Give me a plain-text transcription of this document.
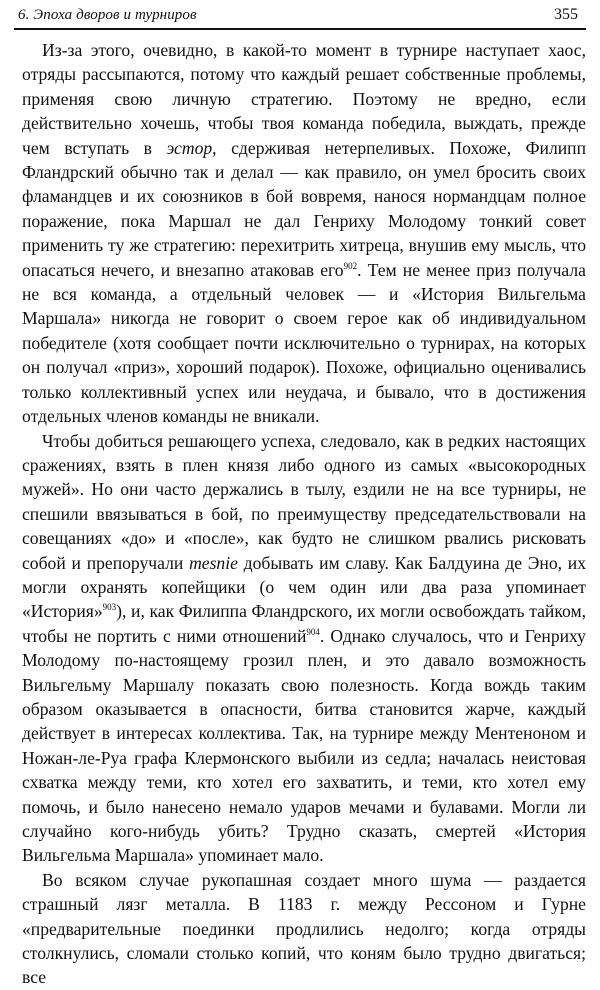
6. Эпоха дворов и турниров	355

Из-за этого, очевидно, в какой-то момент в турнире наступает хаос, отряды рассыпаются, потому что каждый решает собственные проблемы, применяя свою личную стратегию. Поэтому не вредно, если действительно хочешь, чтобы твоя команда победила, выждать, прежде чем вступать в эстор, сдерживая нетерпеливых. Похоже, Филипп Фландрский обычно так и делал — как правило, он умел бросить своих фламандцев и их союзников в бой вовремя, нанося нормандцам полное поражение, пока Маршал не дал Генриху Молодому тонкий совет применить ту же стратегию: перехитрить хитреца, внушив ему мысль, что опасаться нечего, и внезапно атаковав его$^{902}$. Тем не менее приз получала не вся команда, а отдельный человек — и «История Вильгельма Маршала» никогда не говорит о своем герое как об индивидуальном победителе (хотя сообщает почти исключительно о турнирах, на которых он получал «приз», хороший подарок). Похоже, официально оценивались только коллективный успех или неудача, и бывало, что в достижения отдельных членов команды не вникали.

Чтобы добиться решающего успеха, следовало, как в редких настоящих сражениях, взять в плен князя либо одного из самых «высокородных мужей». Но они часто держались в тылу, ездили не на все турниры, не спешили ввязываться в бой, по преимуществу председательствовали на совещаниях «до» и «после», как будто не слишком рвались рисковать собой и препоручали mesnie добывать им славу. Как Балдуина де Эно, их могли охранять копейщики (о чем один или два раза упоминает «История»$^{903}$), и, как Филиппа Фландрского, их могли освобождать тайком, чтобы не портить с ними отношений$^{904}$. Однако случалось, что и Генриху Молодому по-настоящему грозил плен, и это давало возможность Вильгельму Маршалу показать свою полезность. Когда вождь таким образом оказывается в опасности, битва становится жарче, каждый действует в интересах коллектива. Так, на турнире между Ментеноном и Ножан-ле-Руа графа Клермонского выбили из седла; началась неистовая схватка между теми, кто хотел его захватить, и теми, кто хотел ему помочь, и было нанесено немало ударов мечами и булавами. Могли ли случайно кого-нибудь убить? Трудно сказать, смертей «История Вильгельма Маршала» упоминает мало.

Во всяком случае рукопашная создает много шума — раздается страшный лязг металла. В 1183 г. между Рессоном и Гурне «предварительные поединки продлились недолго; когда отряды столкнулись, сломали столько копий, что коням было трудно двигаться; все
